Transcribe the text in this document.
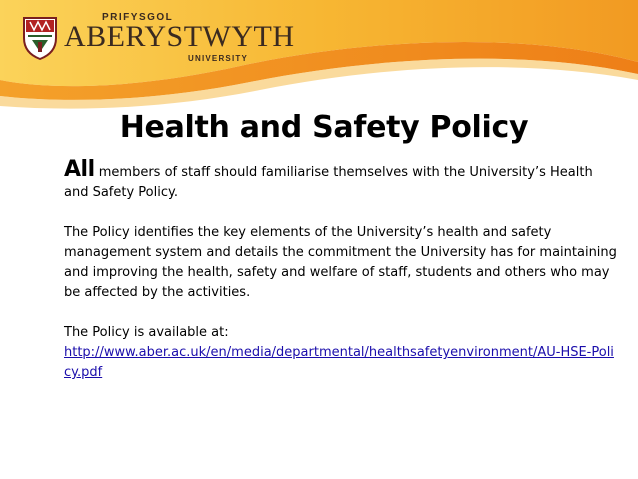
PRIFYSGOL
ABERYSTWYTH
UNIVERSITY
Health and Safety Policy

All members of staff should familiarise themselves with the University’s Health and Safety Policy.

The Policy identifies the key elements of the University’s health and safety management system and details the commitment the University has for maintaining and improving the health, safety and welfare of staff, students and others who may be affected by the activities.

The Policy is available at:

http://www.aber.ac.uk/en/media/departmental/healthsafetyenvironment/AU-HSE-Policy.pdf
